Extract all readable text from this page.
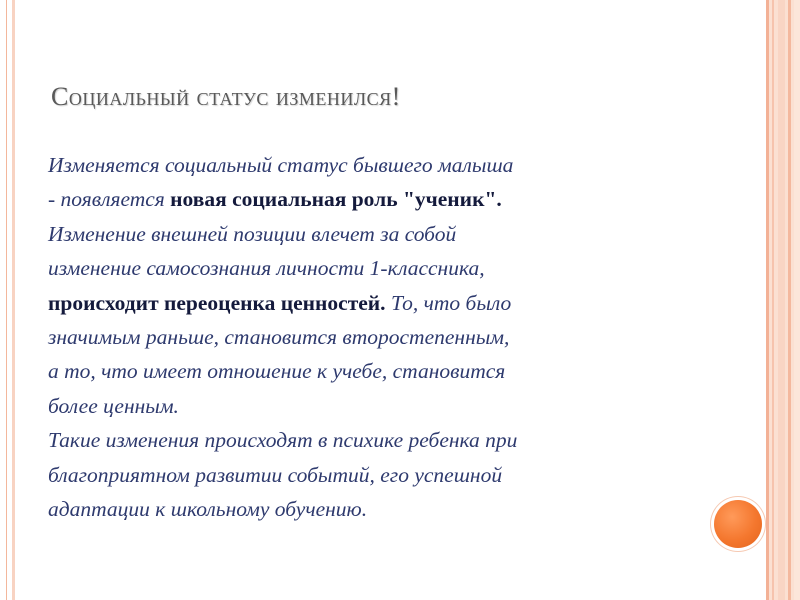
Социальный статус изменился!
Изменяется социальный статус бывшего малыша
- появляется новая социальная роль "ученик".
Изменение внешней позиции влечет за собой
изменение самосознания личности 1-классника,
происходит переоценка ценностей. То, что было
значимым раньше, становится второстепенным,
а то, что имеет отношение к учебе, становится
более ценным.
Такие изменения происходят в психике ребенка при
благоприятном развитии событий, его успешной
адаптации к школьному обучению.
